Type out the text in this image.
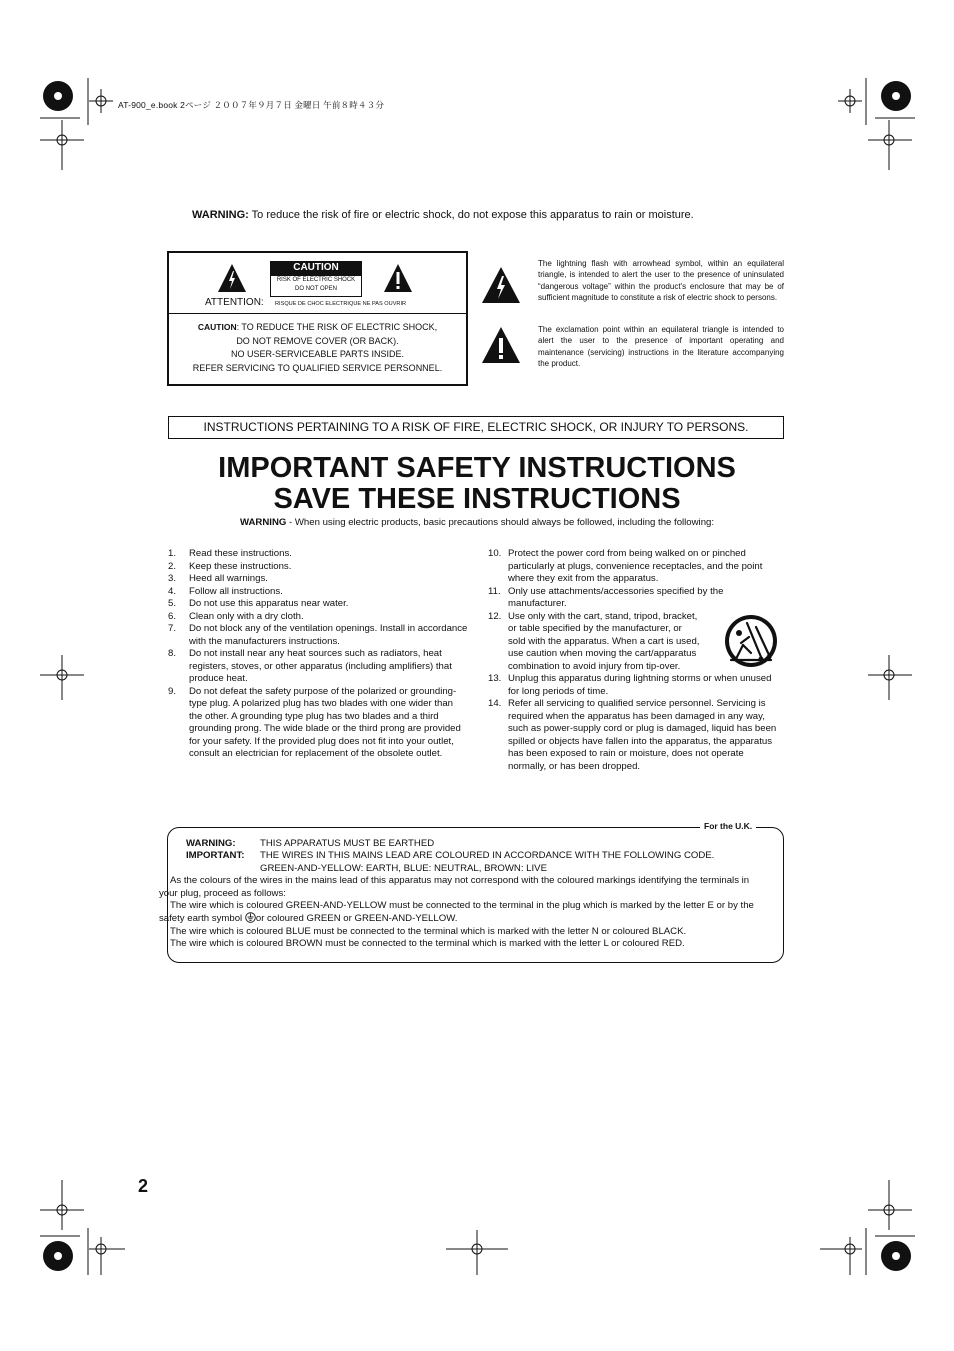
AT-900_e.book 2ページ ２００７年９月７日 金曜日 午前８時４３分
WARNING: To reduce the risk of fire or electric shock, do not expose this apparatus to rain or moisture.
CAUTION
RISK OF ELECTRIC SHOCK
DO NOT OPEN
ATTENTION: RISQUE DE CHOC ELECTRIQUE NE PAS OUVRIR
CAUTION: TO REDUCE THE RISK OF ELECTRIC SHOCK,
DO NOT REMOVE COVER (OR BACK).
NO USER-SERVICEABLE PARTS INSIDE.
REFER SERVICING TO QUALIFIED SERVICE PERSONNEL.
The lightning flash with arrowhead symbol, within an equilateral triangle, is intended to alert the user to the presence of uninsulated “dangerous voltage” within the product's enclosure that may be of sufficient magnitude to constitute a risk of electric shock to persons.
The exclamation point within an equilateral triangle is intended to alert the user to the presence of important operating and maintenance (servicing) instructions in the literature accompanying the product.
INSTRUCTIONS PERTAINING TO A RISK OF FIRE, ELECTRIC SHOCK, OR INJURY TO PERSONS.
IMPORTANT SAFETY INSTRUCTIONS
SAVE THESE INSTRUCTIONS
WARNING - When using electric products, basic precautions should always be followed, including the following:
1. Read these instructions.
2. Keep these instructions.
3. Heed all warnings.
4. Follow all instructions.
5. Do not use this apparatus near water.
6. Clean only with a dry cloth.
7. Do not block any of the ventilation openings. Install in accordance with the manufacturers instructions.
8. Do not install near any heat sources such as radiators, heat registers, stoves, or other apparatus (including amplifiers) that produce heat.
9. Do not defeat the safety purpose of the polarized or grounding-type plug. A polarized plug has two blades with one wider than the other. A grounding type plug has two blades and a third grounding prong. The wide blade or the third prong are provided for your safety. If the provided plug does not fit into your outlet, consult an electrician for replacement of the obsolete outlet.
10. Protect the power cord from being walked on or pinched particularly at plugs, convenience receptacles, and the point where they exit from the apparatus.
11. Only use attachments/accessories specified by the manufacturer.
12. Use only with the cart, stand, tripod, bracket, or table specified by the manufacturer, or sold with the apparatus. When a cart is used, use caution when moving the cart/apparatus combination to avoid injury from tip-over.
13. Unplug this apparatus during lightning storms or when unused for long periods of time.
14. Refer all servicing to qualified service personnel. Servicing is required when the apparatus has been damaged in any way, such as power-supply cord or plug is damaged, liquid has been spilled or objects have fallen into the apparatus, the apparatus has been exposed to rain or moisture, does not operate normally, or has been dropped.
For the U.K.
WARNING:	THIS APPARATUS MUST BE EARTHED
IMPORTANT:	THE WIRES IN THIS MAINS LEAD ARE COLOURED IN ACCORDANCE WITH THE FOLLOWING CODE.
GREEN-AND-YELLOW: EARTH, BLUE: NEUTRAL, BROWN: LIVE
As the colours of the wires in the mains lead of this apparatus may not correspond with the coloured markings identifying the terminals in your plug, proceed as follows:
The wire which is coloured GREEN-AND-YELLOW must be connected to the terminal in the plug which is marked by the letter E or by the safety earth symbol or coloured GREEN or GREEN-AND-YELLOW.
The wire which is coloured BLUE must be connected to the terminal which is marked with the letter N or coloured BLACK.
The wire which is coloured BROWN must be connected to the terminal which is marked with the letter L or coloured RED.
2
